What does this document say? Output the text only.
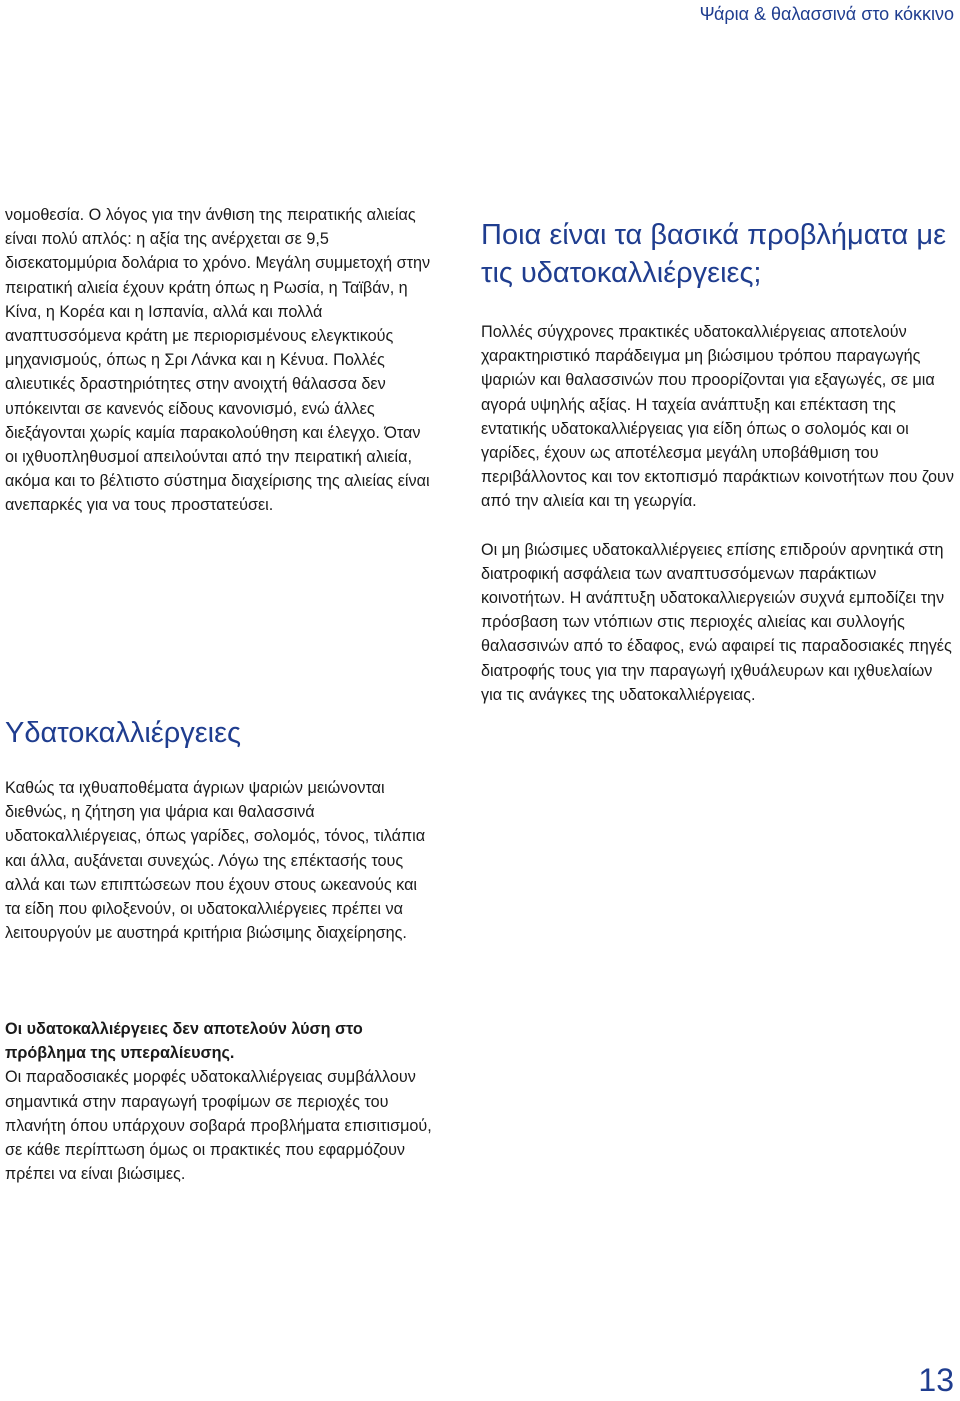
Ψάρια & θαλασσινά στο κόκκινο

νομοθεσία. Ο λόγος για την άνθιση της πειρατικής αλιείας είναι πολύ απλός: η αξία της ανέρχεται σε 9,5 δισεκατομμύρια δολάρια το χρόνο. Μεγάλη συμμετοχή στην πειρατική αλιεία έχουν κράτη όπως η Ρωσία, η Ταϊβάν, η Κίνα, η Κορέα και η Ισπανία, αλλά και πολλά αναπτυσσόμενα κράτη με περιορισμένους ελεγκτικούς μηχανισμούς, όπως η Σρι Λάνκα και η Κένυα. Πολλές αλιευτικές δραστηριότητες στην ανοιχτή θάλασσα δεν υπόκεινται σε κανενός είδους κανονισμό, ενώ άλλες διεξάγονται χωρίς καμία παρακολούθηση και έλεγχο. Όταν οι ιχθυοπληθυσμοί απειλούνται από την πειρατική αλιεία, ακόμα και το βέλτιστο σύστημα διαχείρισης της αλιείας είναι ανεπαρκές για να τους προστατεύσει.

Υδατοκαλλιέργειες

Καθώς τα ιχθυαποθέματα άγριων ψαριών μειώνονται διεθνώς, η ζήτηση για ψάρια και θαλασσινά υδατοκαλλιέργειας, όπως γαρίδες, σολομός, τόνος, τιλάπια και άλλα, αυξάνεται συνεχώς. Λόγω της επέκτασής τους αλλά και των επιπτώσεων που έχουν στους ωκεανούς και τα είδη που φιλοξενούν, οι υδατοκαλλιέργειες πρέπει να λειτουργούν με αυστηρά κριτήρια βιώσιμης διαχείρησης.

Οι υδατοκαλλιέργειες δεν αποτελούν λύση στο πρόβλημα της υπεραλίευσης.
Οι παραδοσιακές μορφές υδατοκαλλιέργειας συμβάλλουν σημαντικά στην παραγωγή τροφίμων σε περιοχές του πλανήτη όπου υπάρχουν σοβαρά προβλήματα επισιτισμού, σε κάθε περίπτωση όμως οι πρακτικές που εφαρμόζουν πρέπει να είναι βιώσιμες.

Ποια είναι τα βασικά προβλήματα με τις υδατοκαλλιέργειες;

Πολλές σύγχρονες πρακτικές υδατοκαλλιέργειας αποτελούν χαρακτηριστικό παράδειγμα μη βιώσιμου τρόπου παραγωγής ψαριών και θαλασσινών που προορίζονται για εξαγωγές, σε μια αγορά υψηλής αξίας. Η ταχεία ανάπτυξη και επέκταση της εντατικής υδατοκαλλιέργειας για είδη όπως ο σολομός και οι γαρίδες, έχουν ως αποτέλεσμα μεγάλη υποβάθμιση του περιβάλλοντος και τον εκτοπισμό παράκτιων κοινοτήτων που ζουν από την αλιεία και τη γεωργία.

Οι μη βιώσιμες υδατοκαλλιέργειες επίσης επιδρούν αρνητικά στη διατροφική ασφάλεια των αναπτυσσόμενων παράκτιων κοινοτήτων. Η ανάπτυξη υδατοκαλλιεργειών συχνά εμποδίζει την πρόσβαση των ντόπιων στις περιοχές αλιείας και συλλογής θαλασσινών από το έδαφος, ενώ αφαιρεί τις παραδοσιακές πηγές διατροφής τους για την παραγωγή ιχθυάλευρων και ιχθυελαίων για τις ανάγκες της υδατοκαλλιέργειας.

13
